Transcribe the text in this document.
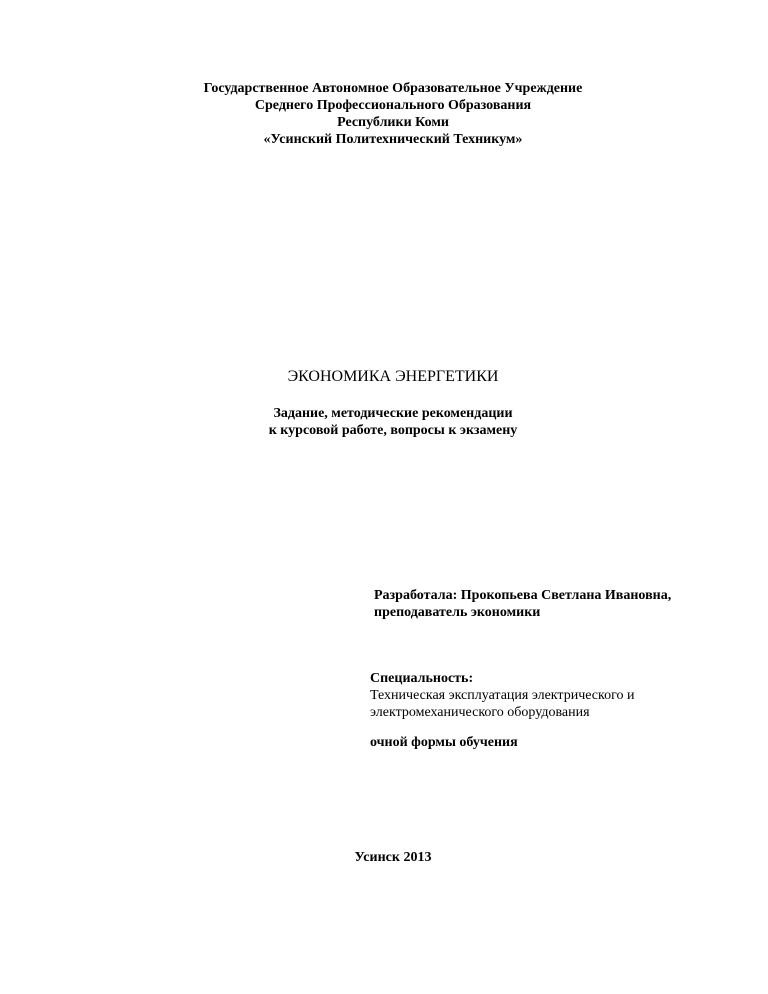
Государственное Автономное Образовательное Учреждение
Среднего Профессионального Образования
Республики Коми
«Усинский Политехнический Техникум»
ЭКОНОМИКА ЭНЕРГЕТИКИ
Задание, методические рекомендации
к курсовой работе, вопросы к экзамену
Разработала: Прокопьева Светлана Ивановна,
преподаватель экономики
Специальность:
Техническая эксплуатация электрического и
электромеханического оборудования
очной формы обучения
Усинск 2013
